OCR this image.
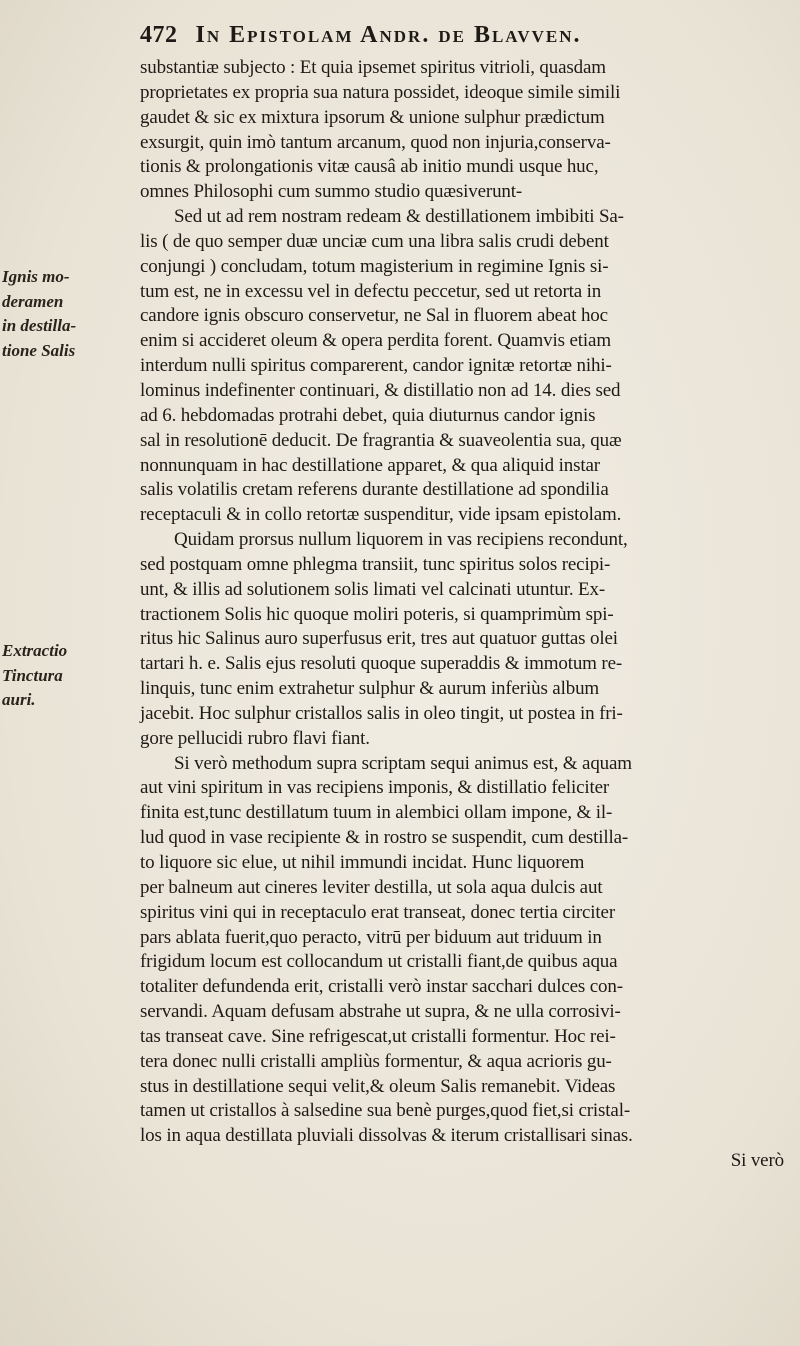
472 In Epistolam Andr. de Blavven.
Ignis mo-
deramen
in destilla-
tione Salis
Extractio
Tinctura
auri.
substantiæ subjecto : Et quia ipsemet spiritus vitrioli, quasdam
proprietates ex propria sua natura possidet, ideoque simile simili
gaudet & sic ex mixtura ipsorum & unione sulphur prædictum
exsurgit, quin imò tantum arcanum, quod non injuria,conserva-
tionis & prolongationis vitæ causâ ab initio mundi usque huc,
omnes Philosophi cum summo studio quæsiverunt-
Sed ut ad rem nostram redeam & destillationem imbibiti Sa-
lis ( de quo semper duæ unciæ cum una libra salis crudi debent
conjungi ) concludam, totum magisterium in regimine Ignis si-
tum est, ne in excessu vel in defectu peccetur, sed ut retorta in
candore ignis obscuro conservetur, ne Sal in fluorem abeat hoc
enim si accideret oleum & opera perdita forent. Quamvis etiam
interdum nulli spiritus comparerent, candor ignitæ retortæ nihi-
lominus indefinenter continuari, & distillatio non ad 14. dies sed
ad 6. hebdomadas protrahi debet, quia diuturnus candor ignis
sal in resolutionē deducit. De fragrantia & suaveolentia sua, quæ
nonnunquam in hac destillatione apparet, & qua aliquid instar
salis volatilis cretam referens durante destillatione ad spondilia
receptaculi & in collo retortæ suspenditur, vide ipsam epistolam.
Quidam prorsus nullum liquorem in vas recipiens recondunt,
sed postquam omne phlegma transiit, tunc spiritus solos recipi-
unt, & illis ad solutionem solis limati vel calcinati utuntur. Ex-
tractionem Solis hic quoque moliri poteris, si quamprimùm spi-
ritus hic Salinus auro superfusus erit, tres aut quatuor guttas olei
tartari h. e. Salis ejus resoluti quoque superaddis & immotum re-
linquis, tunc enim extrahetur sulphur & aurum inferiùs album
jacebit. Hoc sulphur cristallos salis in oleo tingit, ut postea in fri-
gore pellucidi rubro flavi fiant.
Si verò methodum supra scriptam sequi animus est, & aquam
aut vini spiritum in vas recipiens imponis, & distillatio feliciter
finita est,tunc destillatum tuum in alembici ollam impone, & il-
lud quod in vase recipiente & in rostro se suspendit, cum destilla-
to liquore sic elue, ut nihil immundi incidat. Hunc liquorem
per balneum aut cineres leviter destilla, ut sola aqua dulcis aut
spiritus vini qui in receptaculo erat transeat, donec tertia circiter
pars ablata fuerit,quo peracto, vitrū per biduum aut triduum in
frigidum locum est collocandum ut cristalli fiant,de quibus aqua
totaliter defundenda erit, cristalli verò instar sacchari dulces con-
servandi. Aquam defusam abstrahe ut supra, & ne ulla corrosivi-
tas transeat cave. Sine refrigescat,ut cristalli formentur. Hoc rei-
tera donec nulli cristalli ampliùs formentur, & aqua acrioris gu-
stus in destillatione sequi velit,& oleum Salis remanebit. Videas
tamen ut cristallos à salsedine sua benè purges,quod fiet,si cristal-
los in aqua destillata pluviali dissolvas & iterum cristallisari sinas.
Si verò
